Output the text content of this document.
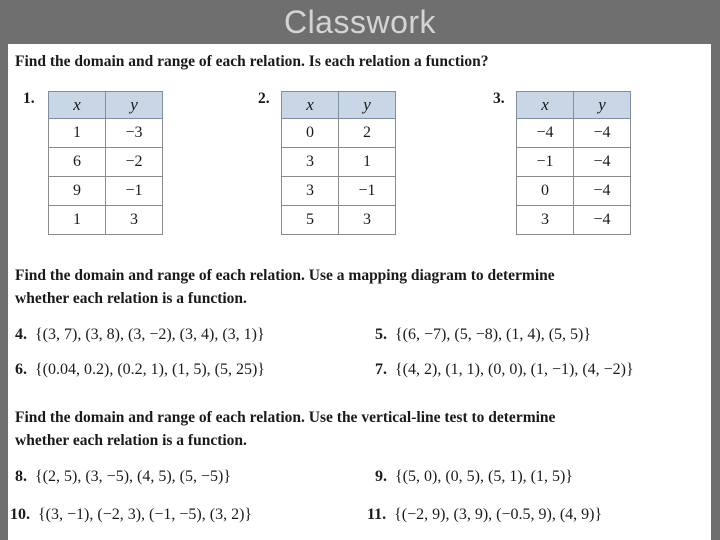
Classwork
Find the domain and range of each relation. Is each relation a function?
1. x	y
1	−3
6	−2
9	−1
1	3
2. x	y
0	2
3	1
3	−1
5	3
3. x	y
−4	−4
−1	−4
0	−4
3	−4
Find the domain and range of each relation. Use a mapping diagram to determine
whether each relation is a function.
4. {(3, 7), (3, 8), (3, −2), (3, 4), (3, 1)}	5. {(6, −7), (5, −8), (1, 4), (5, 5)}
6. {(0.04, 0.2), (0.2, 1), (1, 5), (5, 25)}	7. {(4, 2), (1, 1), (0, 0), (1, −1), (4, −2)}
Find the domain and range of each relation. Use the vertical-line test to determine
whether each relation is a function.
8. {(2, 5), (3, −5), (4, 5), (5, −5)}	9. {(5, 0), (0, 5), (5, 1), (1, 5)}
10. {(3, −1), (−2, 3), (−1, −5), (3, 2)}	11. {(−2, 9), (3, 9), (−0.5, 9), (4, 9)}
